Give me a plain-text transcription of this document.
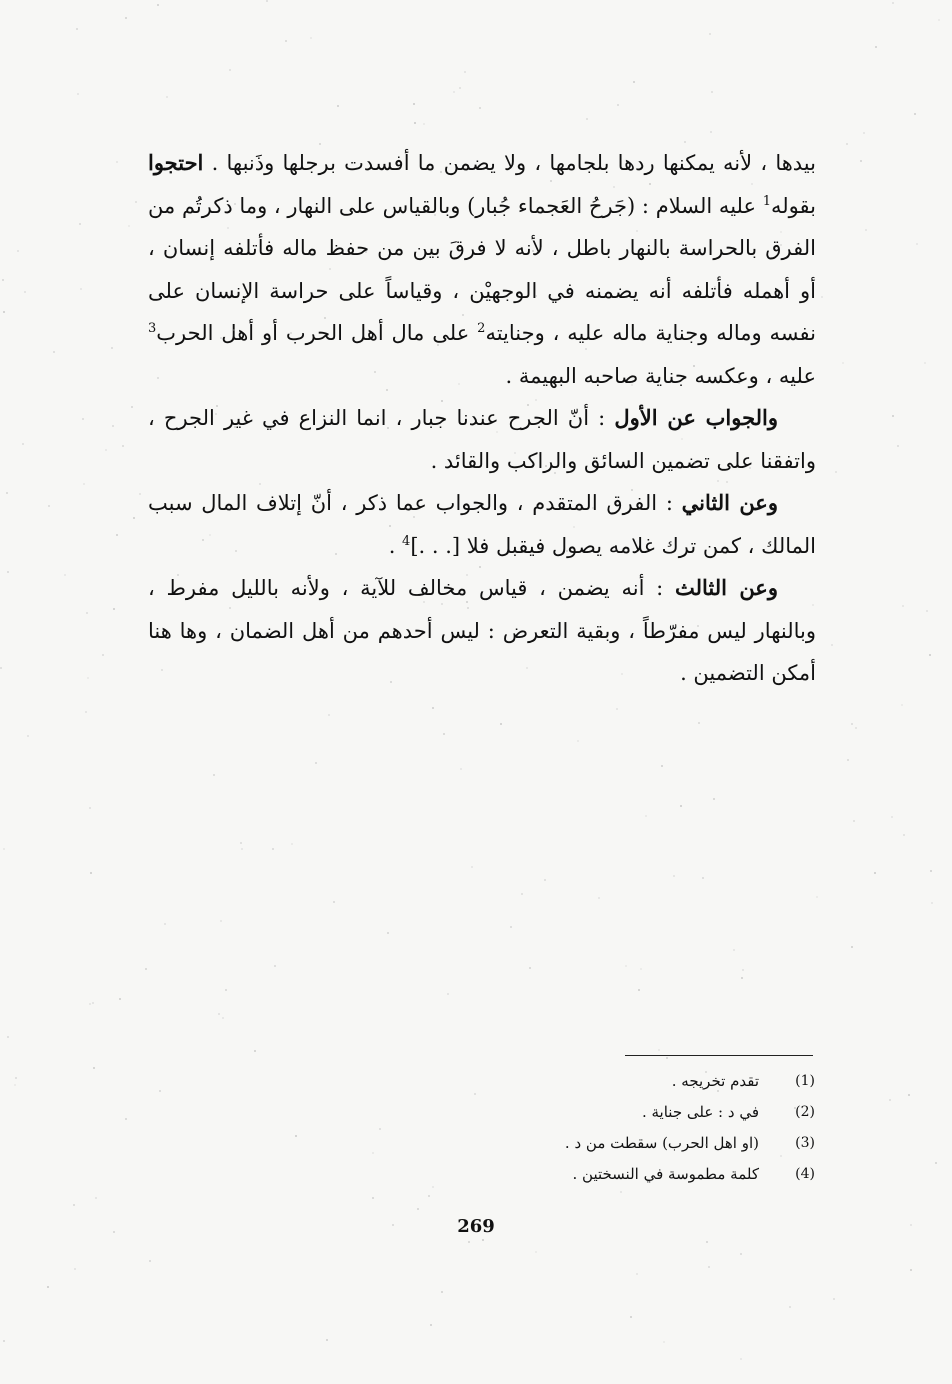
بيدها ، لأنه يمكنها ردها بلجامها ، ولا يضمن ما أفسدت برجلها وذَنبها . احتجوا بقوله$^1$ عليه السلام : (جَرحُ العَجماء جُبار) وبالقياس على النهار ، وما ذكرتُم من الفرق بالحراسة بالنهار باطل ، لأنه لا فرقَ بين من حفظ ماله فأتلفه إنسان ، أو أهمله فأتلفه أنه يضمنه في الوجهيْن ، وقياساً على حراسة الإنسان على نفسه وماله وجناية ماله عليه ، وجنايته$^2$ على مال أهل الحرب أو أهل الحرب$^3$ عليه ، وعكسه جناية صاحبه البهيمة .

والجواب عن الأول : أنّ الجرح عندنا جبار ، انما النزاع في غير الجرح ، واتفقنا على تضمين السائق والراكب والقائد .

وعن الثاني : الفرق المتقدم ، والجواب عما ذكر ، أنّ إتلاف المال سبب المالك ، كمن ترك غلامه يصول فيقبل فلا [. . .]$^4$ .

وعن الثالث : أنه يضمن ، قياس مخالف للآية ، ولأنه بالليل مفرط ، وبالنهار ليس مفرّطاً ، وبقية التعرض : ليس أحدهم من أهل الضمان ، وها هنا أمكن التضمين .

(1)
تقدم تخريجه .
(2)
في د : على جناية .
(3)
(او اهل الحرب) سقطت من د .
(4)
كلمة مطموسة في النسختين .
269
